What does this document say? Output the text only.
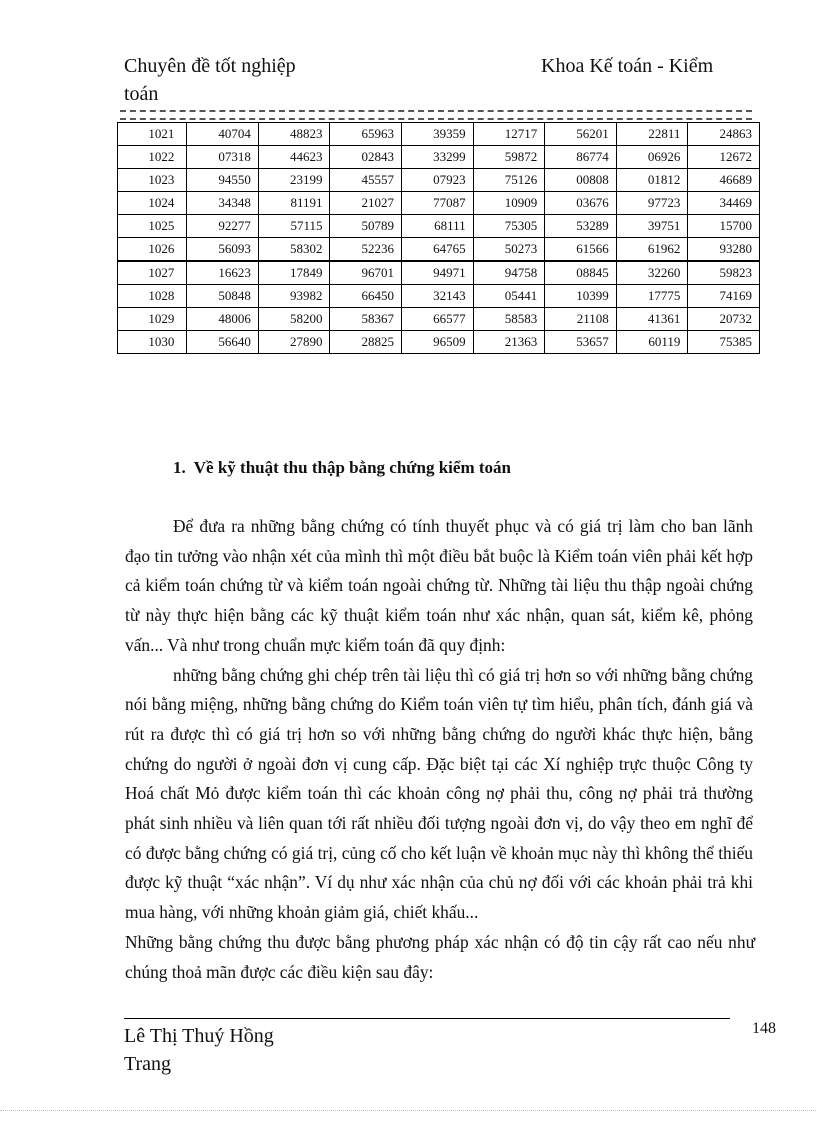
Chuyên đề tốt nghiệp
toán
Khoa Kế toán - Kiểm
1021	40704	48823	65963	39359	12717	56201	22811	24863
1022	07318	44623	02843	33299	59872	86774	06926	12672
1023	94550	23199	45557	07923	75126	00808	01812	46689
1024	34348	81191	21027	77087	10909	03676	97723	34469
1025	92277	57115	50789	68111	75305	53289	39751	15700
1026	56093	58302	52236	64765	50273	61566	61962	93280
1027	16623	17849	96701	94971	94758	08845	32260	59823
1028	50848	93982	66450	32143	05441	10399	17775	74169
1029	48006	58200	58367	66577	58583	21108	41361	20732
1030	56640	27890	28825	96509	21363	53657	60119	75385
1. Về kỹ thuật thu thập bằng chứng kiểm toán

Để đưa ra những bằng chứng có tính thuyết phục và có giá trị làm cho ban lãnh đạo tin tưởng vào nhận xét của mình thì một điều bắt buộc là Kiểm toán viên phải kết hợp cả kiểm toán chứng từ và kiểm toán ngoài chứng từ. Những tài liệu thu thập ngoài chứng từ này thực hiện bằng các kỹ thuật kiểm toán như xác nhận, quan sát, kiểm kê, phỏng vấn... Và như trong chuẩn mực kiểm toán đã quy định:

những bằng chứng ghi chép trên tài liệu thì có giá trị hơn so với những bằng chứng nói bằng miệng, những bằng chứng do Kiểm toán viên tự tìm hiểu, phân tích, đánh giá và rút ra được thì có giá trị hơn so với những bằng chứng do người khác thực hiện, bằng chứng do người ở ngoài đơn vị cung cấp. Đặc biệt tại các Xí nghiệp trực thuộc Công ty Hoá chất Mỏ được kiểm toán thì các khoản công nợ phải thu, công nợ phải trả thường phát sinh nhiều và liên quan tới rất nhiều đối tượng ngoài đơn vị, do vậy theo em nghĩ để có được bằng chứng có giá trị, củng cố cho kết luận về khoản mục này thì không thể thiếu được kỹ thuật “xác nhận”. Ví dụ như xác nhận của chủ nợ đối với các khoản phải trả khi mua hàng, với những khoản giảm giá, chiết khấu...

Những bằng chứng thu được bằng phương pháp xác nhận có độ tin cậy rất cao nếu như chúng thoả mãn được các điều kiện sau đây:

Lê Thị Thuý Hồng Trang
148
